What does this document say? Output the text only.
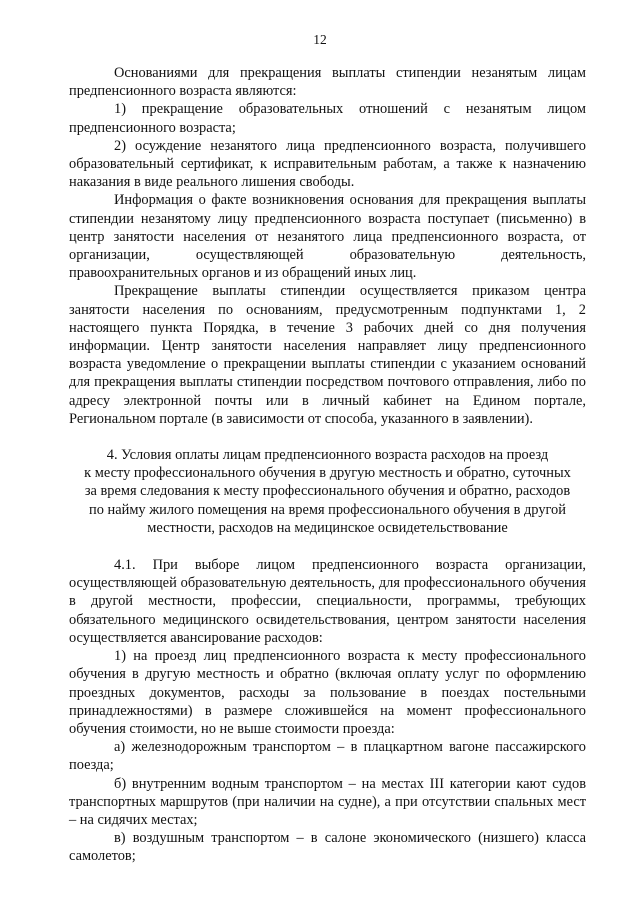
12

Основаниями для прекращения выплаты стипендии незанятым лицам предпенсионного возраста являются:

1) прекращение образовательных отношений с незанятым лицом предпенсионного возраста;

2) осуждение незанятого лица предпенсионного возраста, получившего образовательный сертификат, к исправительным работам, а также к назначению наказания в виде реального лишения свободы.

Информация о факте возникновения основания для прекращения выплаты стипендии незанятому лицу предпенсионного возраста поступает (письменно) в центр занятости населения от незанятого лица предпенсионного возраста, от организации, осуществляющей образовательную деятельность, правоохранительных органов и из обращений иных лиц.

Прекращение выплаты стипендии осуществляется приказом центра занятости населения по основаниям, предусмотренным подпунктами 1, 2 настоящего пункта Порядка, в течение 3 рабочих дней со дня получения информации. Центр занятости населения направляет лицу предпенсионного возраста уведомление о прекращении выплаты стипендии с указанием оснований для прекращения выплаты стипендии посредством почтового отправления, либо по адресу электронной почты или в личный кабинет на Едином портале, Региональном портале (в зависимости от способа, указанного в заявлении).

4. Условия оплаты лицам предпенсионного возраста расходов на проезд
к месту профессионального обучения в другую местность и обратно, суточных
за время следования к месту профессионального обучения и обратно, расходов
по найму жилого помещения на время профессионального обучения в другой
местности, расходов на медицинское освидетельствование

4.1. При выборе лицом предпенсионного возраста организации, осуществляющей образовательную деятельность, для профессионального обучения в другой местности, профессии, специальности, программы, требующих обязательного медицинского освидетельствования, центром занятости населения осуществляется авансирование расходов:

1) на проезд лиц предпенсионного возраста к месту профессионального обучения в другую местность и обратно (включая оплату услуг по оформлению проездных документов, расходы за пользование в поездах постельными принадлежностями) в размере сложившейся на момент профессионального обучения стоимости, но не выше стоимости проезда:

а) железнодорожным транспортом – в плацкартном вагоне пассажирского поезда;

б) внутренним водным транспортом – на местах III категории кают судов транспортных маршрутов (при наличии на судне), а при отсутствии спальных мест – на сидячих местах;

в) воздушным транспортом – в салоне экономического (низшего) класса самолетов;
